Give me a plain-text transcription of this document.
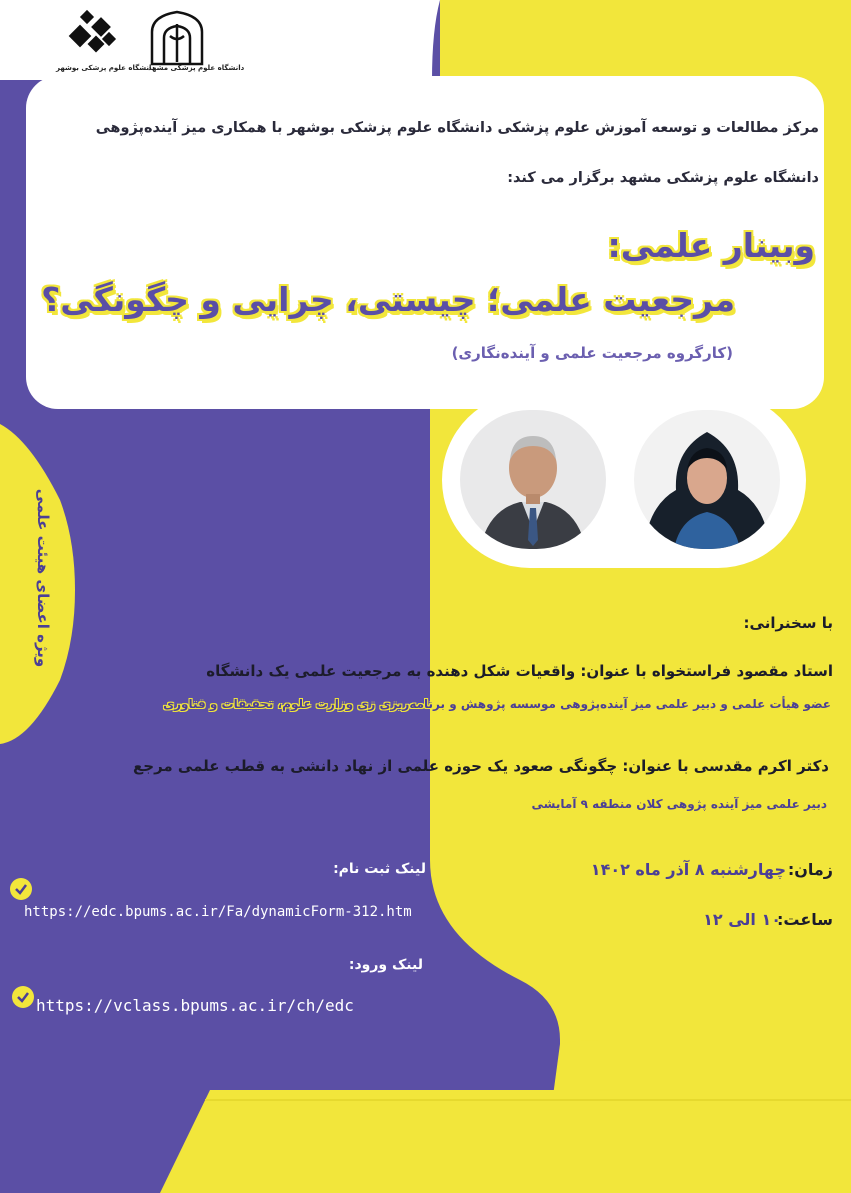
دانشگاه علوم پزشکی بوشهر
دانشگاه علوم پزشکی مشهد
مرکز مطالعات و توسعه آموزش علوم پزشکی دانشگاه علوم پزشکی بوشهر با همکاری میز آینده‌پژوهی
دانشگاه علوم پزشکی مشهد برگزار می کند:
وبینار علمی:
مرجعیت علمی؛ چیستی، چرایی و چگونگی؟
(کارگروه مرجعیت علمی و آینده‌نگاری)
ویژه اعضای هیئت علمی	با سخنرانی:
استاد مقصود فراستخواه با عنوان: واقعیات شکل دهنده به مرجعیت علمی یک دانشگاه
عضو هیأت علمی و دبیر علمی میز آینده‌پژوهی موسسه پژوهش و برنامه‌ریزی زی وزارت علوم، تحقیقات و فناوری
دکتر اکرم مقدسی با عنوان: چگونگی صعود یک حوزه علمی از نهاد دانشی به قطب علمی مرجع
دبیر علمی میز آینده پژوهی کلان منطقه ۹ آمایشی
زمان:
چهارشنبه ۸ آذر ماه ۱۴۰۲
ساعت:
۱۰ الی ۱۲
لینک ثبت نام:
https://edc.bpums.ac.ir/Fa/dynamicForm-312.htm
لینک ورود:
https://vclass.bpums.ac.ir/ch/edc
